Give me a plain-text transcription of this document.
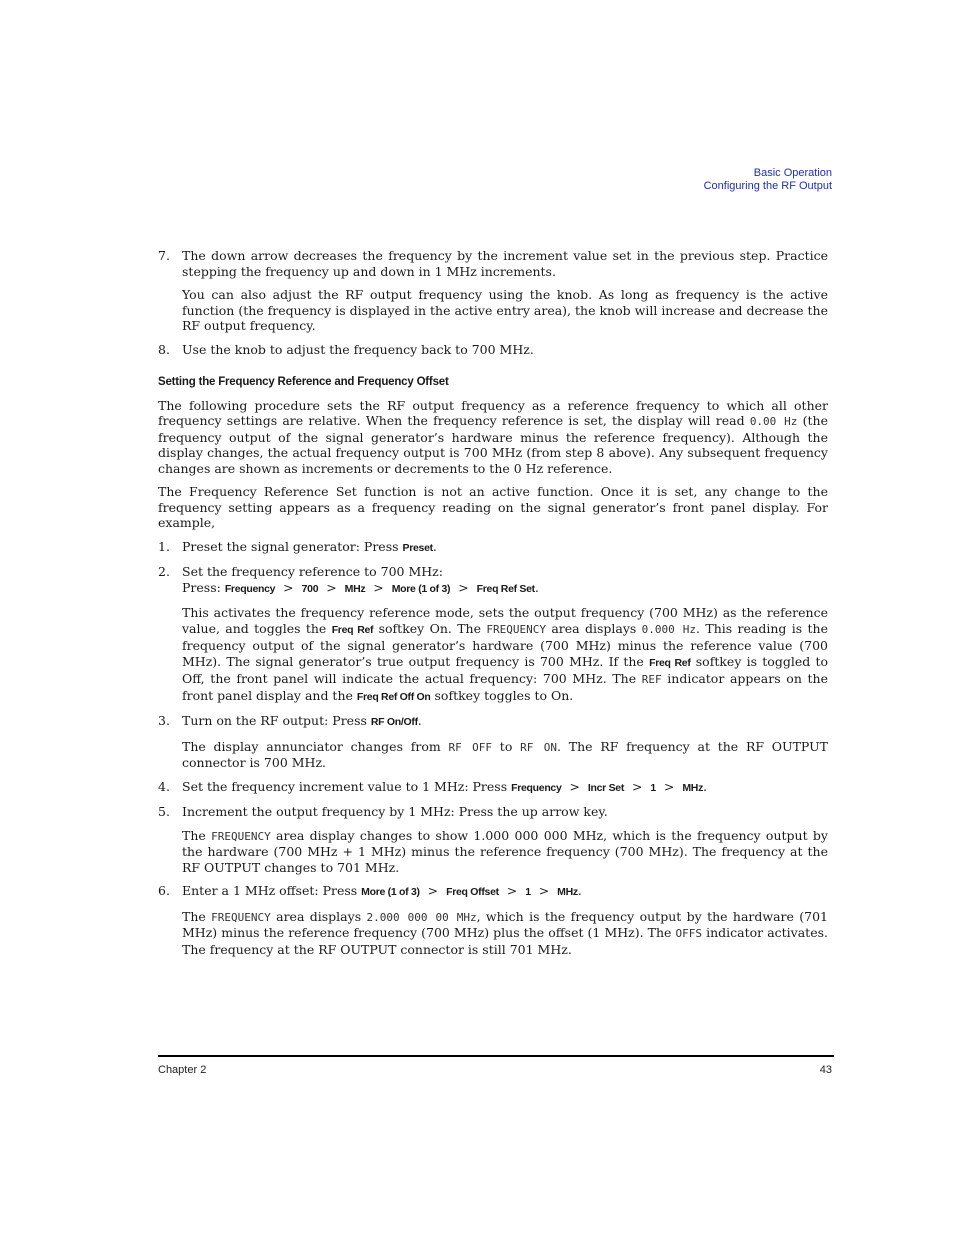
Basic Operation
Configuring the RF Output
7. The down arrow decreases the frequency by the increment value set in the previous step. Practice stepping the frequency up and down in 1 MHz increments.
You can also adjust the RF output frequency using the knob. As long as frequency is the active function (the frequency is displayed in the active entry area), the knob will increase and decrease the RF output frequency.
8. Use the knob to adjust the frequency back to 700 MHz.
Setting the Frequency Reference and Frequency Offset

The following procedure sets the RF output frequency as a reference frequency to which all other frequency settings are relative. When the frequency reference is set, the display will read 0.00 Hz (the frequency output of the signal generator’s hardware minus the reference frequency). Although the display changes, the actual frequency output is 700 MHz (from step 8 above). Any subsequent frequency changes are shown as increments or decrements to the 0 Hz reference.

The Frequency Reference Set function is not an active function. Once it is set, any change to the frequency setting appears as a frequency reading on the signal generator’s front panel display. For example,

1. Preset the signal generator: Press Preset.
2. Set the frequency reference to 700 MHz:
Press: Frequency > 700 > MHz > More (1 of 3) > Freq Ref Set.

This activates the frequency reference mode, sets the output frequency (700 MHz) as the reference value, and toggles the Freq Ref softkey On. The FREQUENCY area displays 0.000 Hz. This reading is the frequency output of the signal generator’s hardware (700 MHz) minus the reference value (700 MHz). The signal generator’s true output frequency is 700 MHz. If the Freq Ref softkey is toggled to Off, the front panel will indicate the actual frequency: 700 MHz. The REF indicator appears on the front panel display and the Freq Ref Off On softkey toggles to On.

3. Turn on the RF output: Press RF On/Off.

The display annunciator changes from RF OFF to RF ON. The RF frequency at the RF OUTPUT connector is 700 MHz.

4. Set the frequency increment value to 1 MHz: Press Frequency > Incr Set > 1 > MHz.
5. Increment the output frequency by 1 MHz: Press the up arrow key.

The FREQUENCY area display changes to show 1.000 000 000 MHz, which is the frequency output by the hardware (700 MHz + 1 MHz) minus the reference frequency (700 MHz). The frequency at the RF OUTPUT changes to 701 MHz.

6. Enter a 1 MHz offset: Press More (1 of 3) > Freq Offset > 1 > MHz.

The FREQUENCY area displays 2.000 000 00 MHz, which is the frequency output by the hardware (701 MHz) minus the reference frequency (700 MHz) plus the offset (1 MHz). The OFFS indicator activates. The frequency at the RF OUTPUT connector is still 701 MHz.

Chapter 2	43
